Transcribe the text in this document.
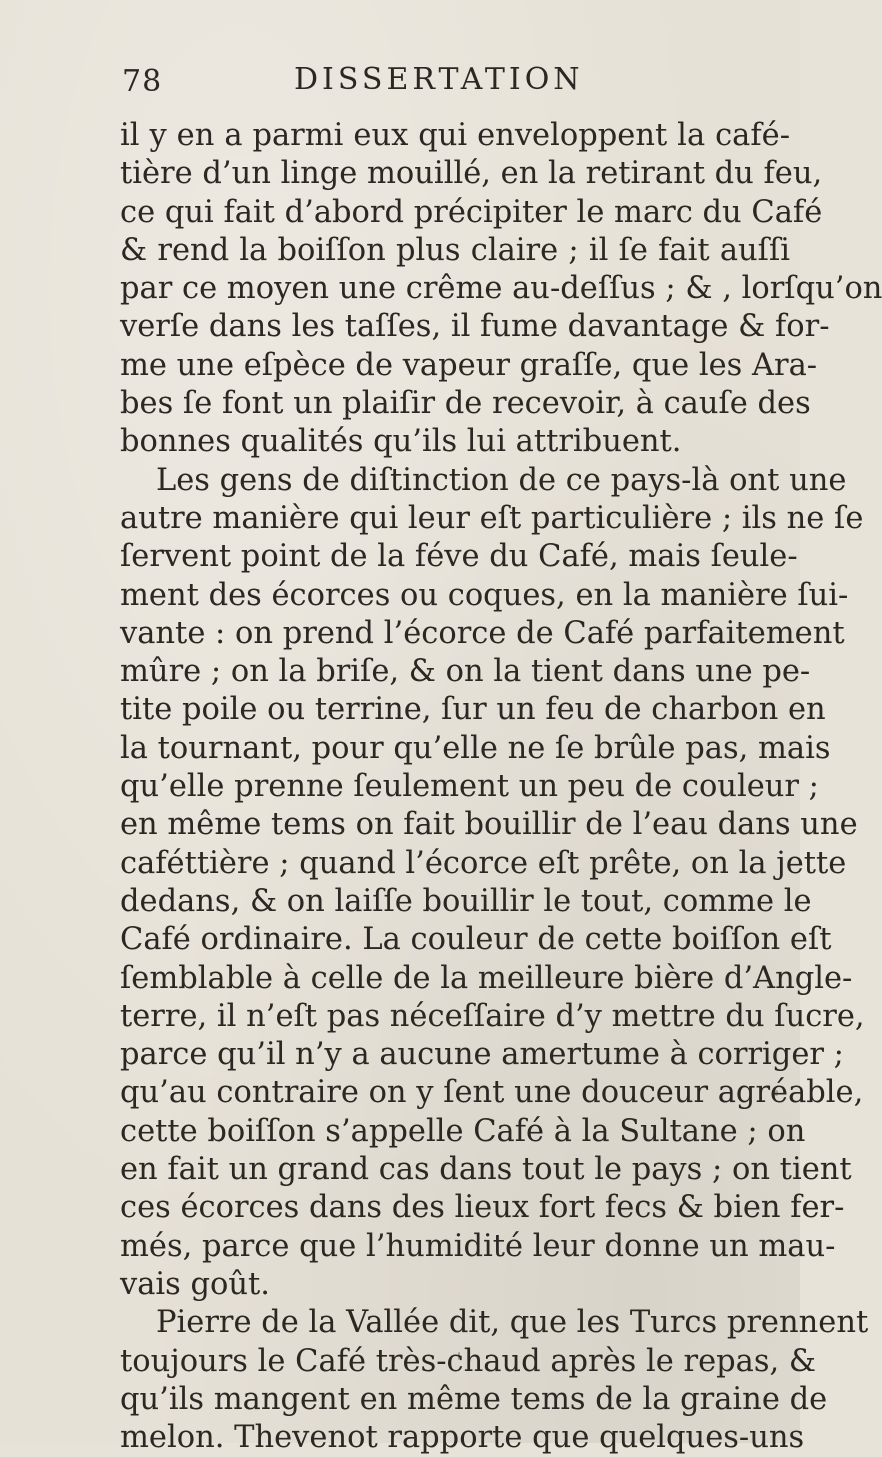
78	DISSERTATION
il y en a parmi eux qui enveloppent la café-
tière d’un linge mouillé, en la retirant du feu,
ce qui fait d’abord précipiter le marc du Café
& rend la boiſſon plus claire ; il ſe fait auſſi
par ce moyen une crême au-deſſus ; & , lorſqu’on
verſe dans les taſſes, il fume davantage & for-
me une eſpèce de vapeur graſſe, que les Ara-
bes ſe font un plaiſir de recevoir, à cauſe des
bonnes qualités qu’ils lui attribuent.
Les gens de diſtinction de ce pays-là ont une
autre manière qui leur eſt particulière ; ils ne ſe
ſervent point de la féve du Café, mais ſeule-
ment des écorces ou coques, en la manière ſui-
vante : on prend l’écorce de Café parfaitement
mûre ; on la briſe, & on la tient dans une pe-
tite poile ou terrine, ſur un feu de charbon en
la tournant, pour qu’elle ne ſe brûle pas, mais
qu’elle prenne ſeulement un peu de couleur ;
en même tems on fait bouillir de l’eau dans une
caféttière ; quand l’écorce eſt prête, on la jette
dedans, & on laiſſe bouillir le tout, comme le
Café ordinaire. La couleur de cette boiſſon eſt
ſemblable à celle de la meilleure bière d’Angle-
terre, il n’eſt pas néceſſaire d’y mettre du ſucre,
parce qu’il n’y a aucune amertume à corriger ;
qu’au contraire on y ſent une douceur agréable,
cette boiſſon s’appelle Café à la Sultane ; on
en fait un grand cas dans tout le pays ; on tient
ces écorces dans des lieux fort fecs & bien fer-
més, parce que l’humidité leur donne un mau-
vais goût.
Pierre de la Vallée dit, que les Turcs prennent
toujours le Café très-chaud après le repas, &
qu’ils mangent en même tems de la graine de
melon. Thevenot rapporte que quelques-uns
